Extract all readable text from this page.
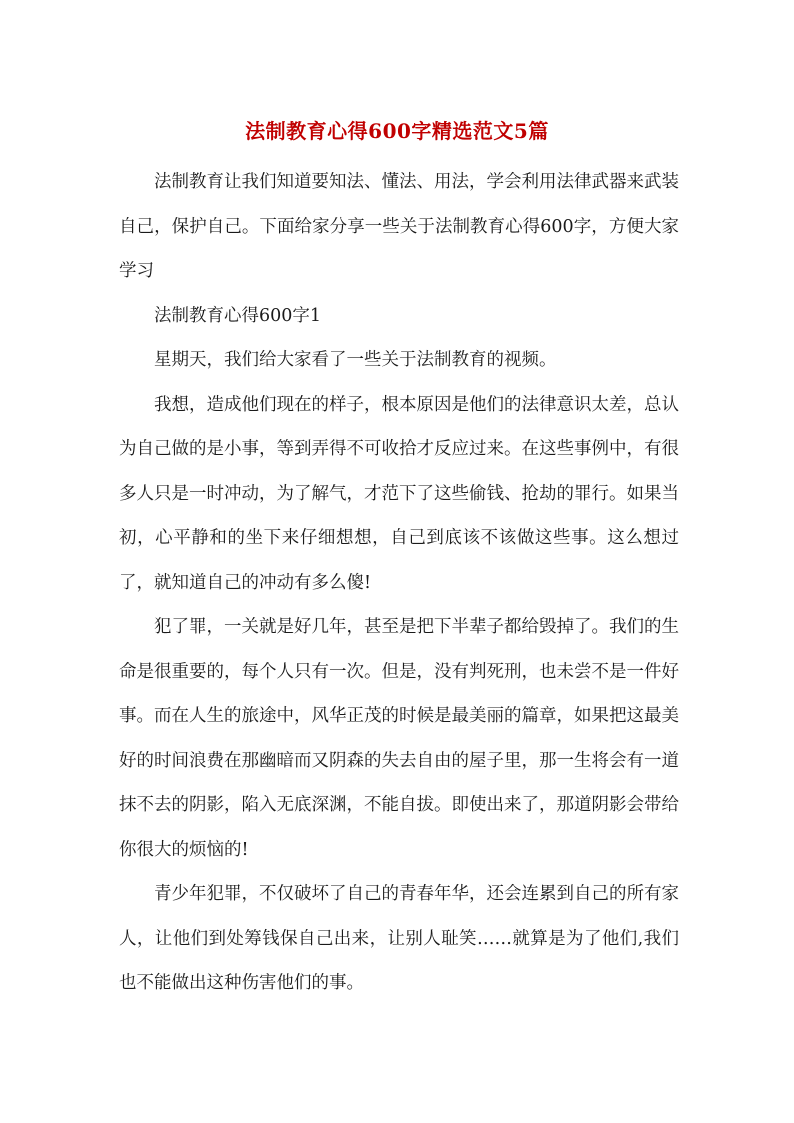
法制教育心得600字精选范文5篇

法制教育让我们知道要知法、懂法、用法，学会利用法律武器来武装自己，保护自己。下面给家分享一些关于法制教育心得600字，方便大家学习

法制教育心得600字1

星期天，我们给大家看了一些关于法制教育的视频。

我想，造成他们现在的样子，根本原因是他们的法律意识太差，总认为自己做的是小事，等到弄得不可收拾才反应过来。在这些事例中，有很多人只是一时冲动，为了解气，才范下了这些偷钱、抢劫的罪行。如果当初，心平静和的坐下来仔细想想，自己到底该不该做这些事。这么想过了，就知道自己的冲动有多么傻!

犯了罪，一关就是好几年，甚至是把下半辈子都给毁掉了。我们的生命是很重要的，每个人只有一次。但是，没有判死刑，也未尝不是一件好事。而在人生的旅途中，风华正茂的时候是最美丽的篇章，如果把这最美好的时间浪费在那幽暗而又阴森的失去自由的屋子里，那一生将会有一道抹不去的阴影，陷入无底深渊，不能自拔。即使出来了，那道阴影会带给你很大的烦恼的!

青少年犯罪，不仅破坏了自己的青春年华，还会连累到自己的所有家人，让他们到处筹钱保自己出来，让别人耻笑……就算是为了他们,我们也不能做出这种伤害他们的事。
